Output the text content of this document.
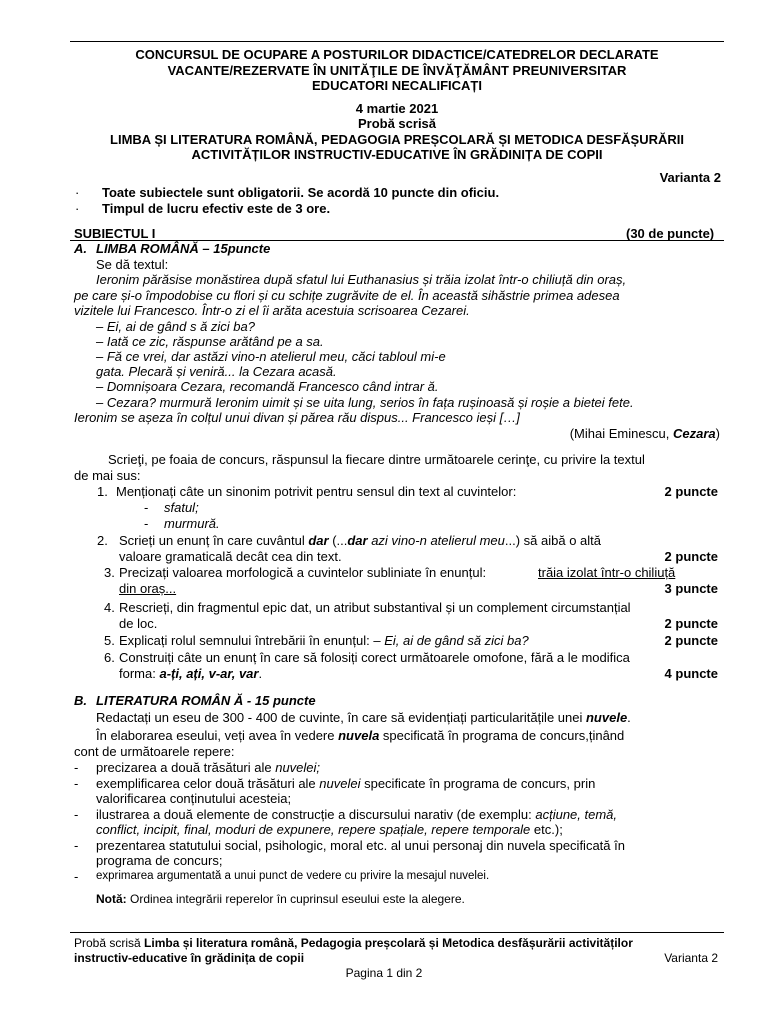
CONCURSUL DE OCUPARE A POSTURILOR DIDACTICE/CATEDRELOR DECLARATE
VACANTE/REZERVATE ÎN UNITĂŢILE DE ÎNVĂŢĂMÂNT PREUNIVERSITAR
EDUCATORI NECALIFICAȚI
4 martie 2021
Probă scrisă
LIMBA ȘI LITERATURA ROMÂNĂ, PEDAGOGIA PREȘCOLARĂ ȘI METODICA DESFĂȘURĂRII
ACTIVITĂȚILOR INSTRUCTIV-EDUCATIVE ÎN GRĂDINIȚA DE COPII
Varianta 2
· Toate subiectele sunt obligatorii. Se acordă 10 puncte din oficiu.
· Timpul de lucru efectiv este de 3 ore.
SUBIECTUL I	(30 de puncte)
A. LIMBA ROMÂNĂ – 15puncte
Se dă textul:
Ieronim părăsise monăstirea după sfatul lui Euthanasius și trăia izolat într-o chiliuță din oraș,
pe care și-o împodobise cu flori și cu schițe zugrăvite de el. În această sihăstrie primea adesea
vizitele lui Francesco. Într-o zi el îi arăta acestuia scrisoarea Cezarei.
– Ei, ai de gând s ă zici ba?
– Iată ce zic, răspunse arătând pe a sa.
– Fă ce vrei, dar astăzi vino-n atelierul meu, căci tabloul mi-e
gata. Plecară și veniră... la Cezara acasă.
– Domnișoara Cezara, recomandă Francesco când intrar ă.
– Cezara? murmură Ieronim uimit și se uita lung, serios în fața rușinoasă și roșie a bietei fete.
Ieronim se așeza în colțul unui divan și părea rău dispus... Francesco ieși […]
(Mihai Eminescu, Cezara)
Scrieţi, pe foaia de concurs, răspunsul la fiecare dintre următoarele cerinţe, cu privire la textul
de mai sus:
1. Menționați câte un sinonim potrivit pentru sensul din text al cuvintelor:	2 puncte
- sfatul;
- murmură.
2. Scrieți un enunț în care cuvântul dar (...dar azi vino-n atelierul meu...) să aibă o altă
valoare gramaticală decât cea din text.	2 puncte
3. Precizați valoarea morfologică a cuvintelor subliniate în enunțul:	trăia izolat într-o chiliuță
din oraș...	3 puncte
4. Rescrieți, din fragmentul epic dat, un atribut substantival și un complement circumstanțial
de loc.	2 puncte
5. Explicați rolul semnului întrebării în enunțul: – Ei, ai de gând să zici ba?	2 puncte
6. Construiți câte un enunț în care să folosiți corect următoarele omofone, fără a le modifica
forma: a-ți, ați, v-ar, var.	4 puncte
B. LITERATURA ROMÂN Ă - 15 puncte
Redactați un eseu de 300 - 400 de cuvinte, în care să evidențiați particularitățile unei nuvele.
În elaborarea eseului, veți avea în vedere nuvela specificată în programa de concurs,ținând
cont de următoarele repere:
- precizarea a două trăsături ale nuvelei;
- exemplificarea celor două trăsături ale nuvelei specificate în programa de concurs, prin
valorificarea conținutului acesteia;
- ilustrarea a două elemente de construcție a discursului narativ (de exemplu: acțiune, temă,
conflict, incipit, final, moduri de expunere, repere spațiale, repere temporale etc.);
- prezentarea statutului social, psihologic, moral etc. al unui personaj din nuvela specificată în
programa de concurs;
- exprimarea argumentată a unui punct de vedere cu privire la mesajul nuvelei.
Notă: Ordinea integrării reperelor în cuprinsul eseului este la alegere.
Probă scrisă Limba și literatura română, Pedagogia preșcolară și Metodica desfășurării activităților
instructiv-educative în grădinița de copii	Varianta 2
Pagina 1 din 2
